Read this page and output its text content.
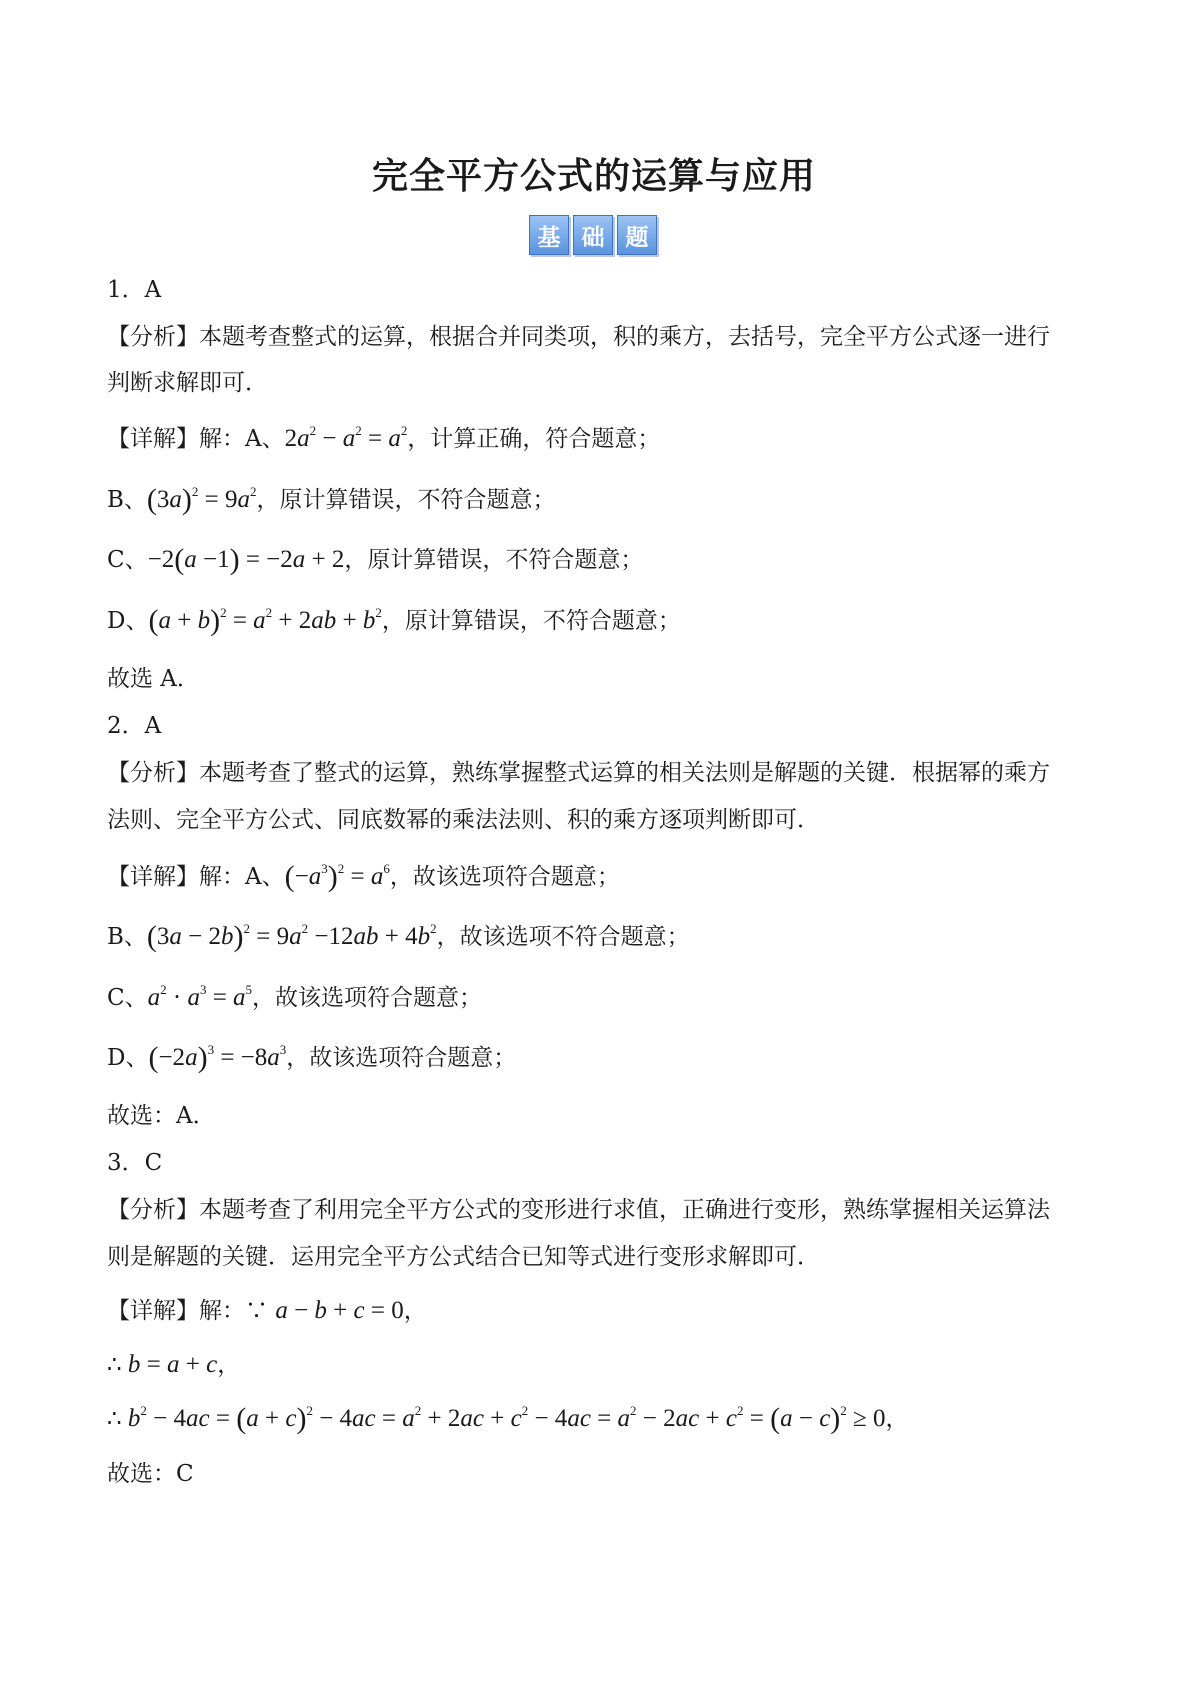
完全平方公式的运算与应用
基 础 题
1．A
【分析】本题考查整式的运算，根据合并同类项，积的乘方，去括号，完全平方公式逐一进行
判断求解即可．
【详解】解：A、$2a^2 - a^2 = a^2$，计算正确，符合题意；
B、$(3a)^2 = 9a^2$，原计算错误，不符合题意；
C、−2(a −1) = −2a + 2，原计算错误，不符合题意；
D、$(a + b)^2 = a^2 + 2ab + b^2$，原计算错误，不符合题意；
故选 A．
2．A
【分析】本题考查了整式的运算，熟练掌握整式运算的相关法则是解题的关键．根据幂的乘方
法则、完全平方公式、同底数幂的乘法法则、积的乘方逐项判断即可．
【详解】解：A、$(-a^3)^2 = a^6$，故该选项符合题意；
B、$(3a - 2b)^2 = 9a^2 -12ab + 4b^2$，故该选项不符合题意；
C、$a^2 \cdot a^3 = a^5$，故该选项符合题意；
D、$(-2a)^3 = -8a^3$，故该选项符合题意；
故选：A．
3．C
【分析】本题考查了利用完全平方公式的变形进行求值，正确进行变形，熟练掌握相关运算法
则是解题的关键．运用完全平方公式结合已知等式进行变形求解即可．
【详解】解：∵ a − b + c = 0，
∴ b = a + c，
∴ $b^2 - 4ac = (a + c)^2 - 4ac = a^2 + 2ac + c^2 - 4ac = a^2 - 2ac + c^2 = (a - c)^2 \ge 0$，
故选：C
